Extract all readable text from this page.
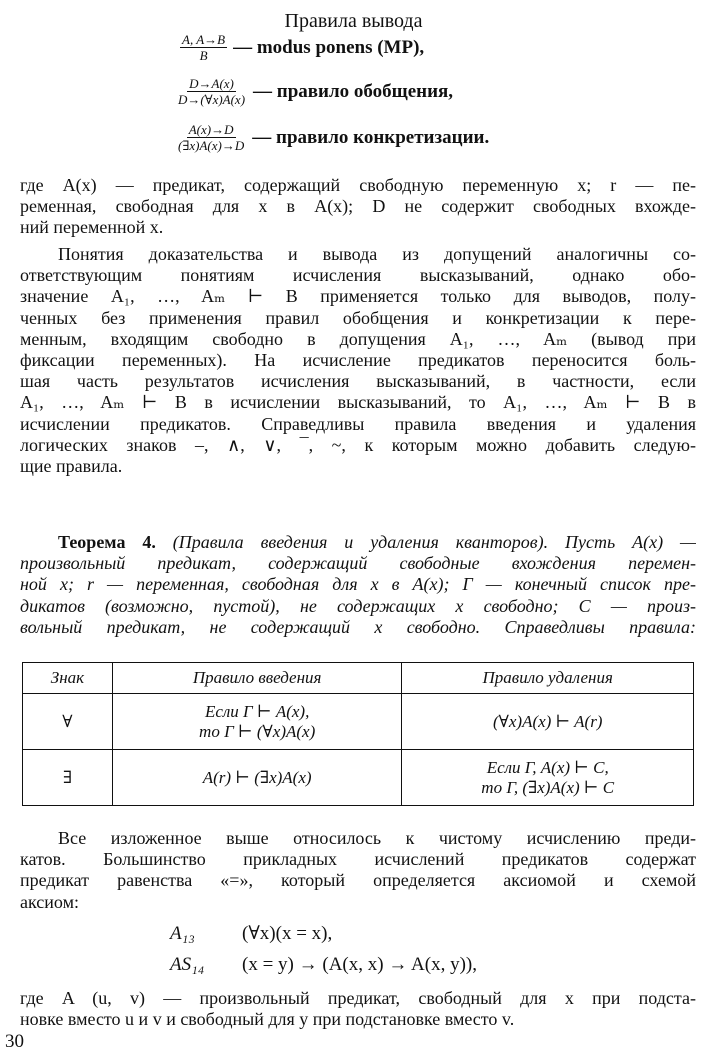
Правила вывода
$\frac{A, A\to B}{B}$ — modus ponens (MP),
$\frac{D\to A(x)}{D\to(\forall x)A(x)}$ — правило обобщения,
$\frac{A(x)\to D}{(\exists x)A(x)\to D}$ — правило конкретизации.
где A(x) — предикат, содержащий свободную переменную x; r — пе-
ременная, свободная для x в A(x); D не содержит свободных вхожде-
ний переменной x.
Понятия доказательства и вывода из допущений аналогичны со-
ответствующим понятиям исчисления высказываний, однако обо-
значение A₁, …, Aₘ ⊢ B применяется только для выводов, полу-
ченных без применения правил обобщения и конкретизации к пере-
менным, входящим свободно в допущения A₁, …, Aₘ (вывод при
фиксации переменных). На исчисление предикатов переносится боль-
шая часть результатов исчисления высказываний, в частности, если
A₁, …, Aₘ ⊢ B в исчислении высказываний, то A₁, …, Aₘ ⊢ B в
исчислении предикатов. Справедливы правила введения и удаления
логических знаков –, ∧, ∨, ¯, ~, к которым можно добавить следую-
щие правила.
Теорема 4. (Правила введения и удаления кванторов). Пусть A(x) —
произвольный предикат, содержащий свободные вхождения перемен-
ной x; r — переменная, свободная для x в A(x); Γ — конечный список пре-
дикатов (возможно, пустой), не содержащих x свободно; C — произ-
вольный предикат, не содержащий x свободно. Справедливы правила:
Знак	Правило введения	Правило удаления
∀	Если Γ ⊢ A(x),
то Γ ⊢ (∀x)A(x)	(∀x)A(x) ⊢ A(r)

∃	A(r) ⊢ (∃x)A(x)	Если Γ, A(x) ⊢ C,
то Γ, (∃x)A(x) ⊢ C
Все изложенное выше относилось к чистому исчислению преди-
катов. Большинство прикладных исчислений предикатов содержат
предикат равенства «=», который определяется аксиомой и схемой
аксиом:
A₁₃ (∀x)(x = x),
AS₁₄ (x = y) → (A(x, x) → A(x, y)),
где A (u, v) — произвольный предикат, свободный для x при подста-
новке вместо u и v и свободный для y при подстановке вместо v.
30
